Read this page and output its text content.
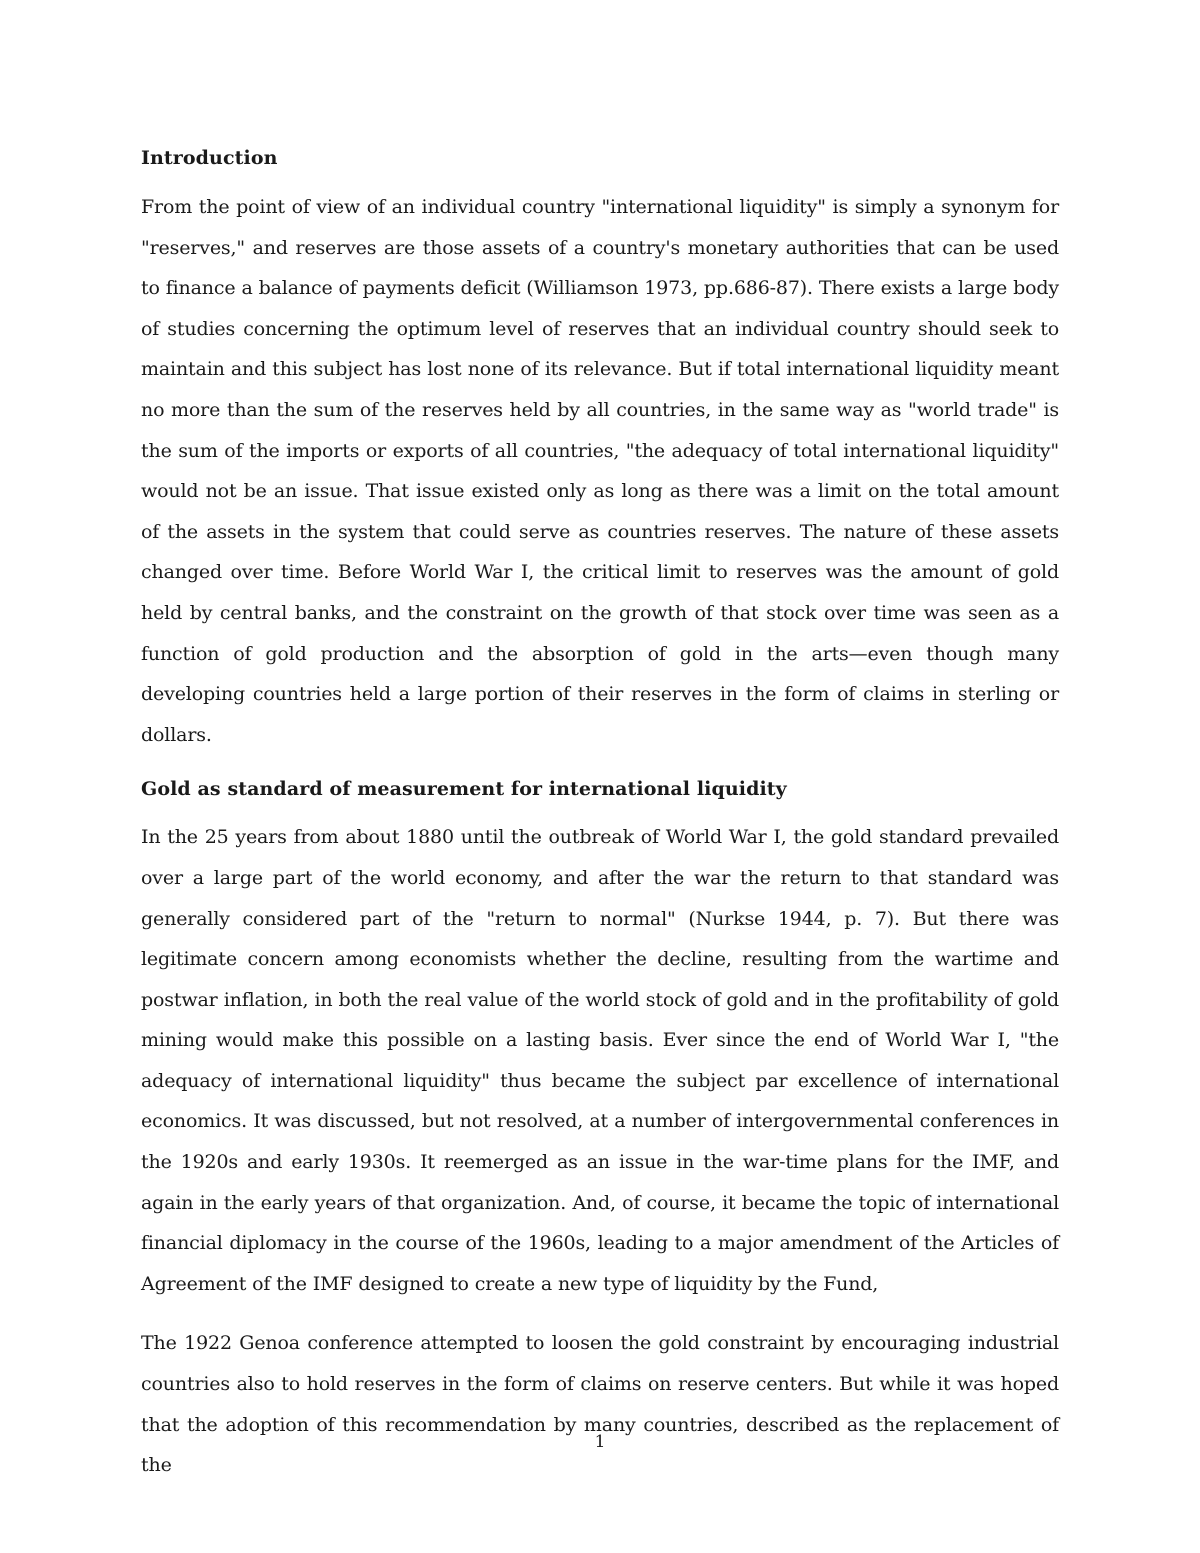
Introduction

From the point of view of an individual country "international liquidity" is simply a synonym for "reserves," and reserves are those assets of a country's monetary authorities that can be used to finance a balance of payments deficit (Williamson 1973, pp.686-87). There exists a large body of studies concerning the optimum level of reserves that an individual country should seek to maintain and this subject has lost none of its relevance. But if total international liquidity meant no more than the sum of the reserves held by all countries, in the same way as "world trade" is the sum of the imports or exports of all countries, "the adequacy of total international liquidity" would not be an issue. That issue existed only as long as there was a limit on the total amount of the assets in the system that could serve as countries reserves. The nature of these assets changed over time. Before World War I, the critical limit to reserves was the amount of gold held by central banks, and the constraint on the growth of that stock over time was seen as a function of gold production and the absorption of gold in the arts—even though many developing countries held a large portion of their reserves in the form of claims in sterling or dollars.

Gold as standard of measurement for international liquidity

In the 25 years from about 1880 until the outbreak of World War I, the gold standard prevailed over a large part of the world economy, and after the war the return to that standard was generally considered part of the "return to normal" (Nurkse 1944, p. 7). But there was legitimate concern among economists whether the decline, resulting from the wartime and postwar inflation, in both the real value of the world stock of gold and in the profitability of gold mining would make this possible on a lasting basis. Ever since the end of World War I, "the adequacy of international liquidity" thus became the subject par excellence of international economics. It was discussed, but not resolved, at a number of intergovernmental conferences in the 1920s and early 1930s. It reemerged as an issue in the war-time plans for the IMF, and again in the early years of that organization. And, of course, it became the topic of international financial diplomacy in the course of the 1960s, leading to a major amendment of the Articles of Agreement of the IMF designed to create a new type of liquidity by the Fund,

The 1922 Genoa conference attempted to loosen the gold constraint by encouraging industrial countries also to hold reserves in the form of claims on reserve centers. But while it was hoped that the adoption of this recommendation by many countries, described as the replacement of the

1
